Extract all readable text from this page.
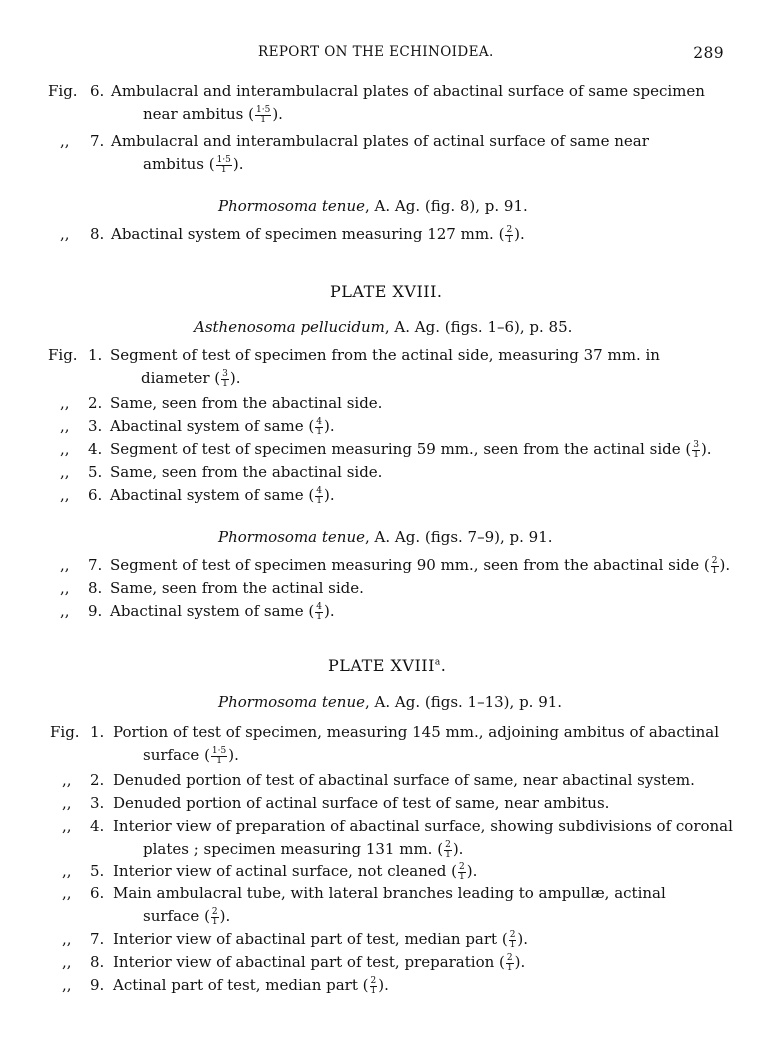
REPORT ON THE ECHINOIDEA.	289
Fig. 6. Ambulacral and interambulacral plates of abactinal surface of same specimen
near ambitus ( $\frac{1\cdot 5}{1}$ ).
,, 7. Ambulacral and interambulacral plates of actinal surface of same near
ambitus ( $\frac{1\cdot 5}{1}$ ).
Phormosoma tenue, A. Ag. (fig. 8), p. 91.
,, 8. Abactinal system of specimen measuring 127 mm. ( $\frac{2}{1}$ ).
PLATE XVIII.
Asthenosoma pellucidum, A. Ag. (figs. 1–6), p. 85.
Fig. 1. Segment of test of specimen from the actinal side, measuring 37 mm. in
diameter ( $\frac{3}{1}$ ).
,, 2. Same, seen from the abactinal side.
,, 3. Abactinal system of same ( $\frac{4}{1}$ ).
,, 4. Segment of test of specimen measuring 59 mm., seen from the actinal side ( $\frac{3}{1}$ ).
,, 5. Same, seen from the abactinal side.
,, 6. Abactinal system of same ( $\frac{4}{1}$ ).
Phormosoma tenue, A. Ag. (figs. 7–9), p. 91.
,, 7. Segment of test of specimen measuring 90 mm., seen from the abactinal side ( $\frac{2}{1}$ ).
,, 8. Same, seen from the actinal side.
,, 9. Abactinal system of same ( $\frac{4}{1}$ ).
PLATE XVIII$^a$.
Phormosoma tenue, A. Ag. (figs. 1–13), p. 91.
Fig. 1. Portion of test of specimen, measuring 145 mm., adjoining ambitus of abactinal
surface ( $\frac{1\cdot 5}{1}$ ).
,, 2. Denuded portion of test of abactinal surface of same, near abactinal system.
,, 3. Denuded portion of actinal surface of test of same, near ambitus.
,, 4. Interior view of preparation of abactinal surface, showing subdivisions of coronal
plates ; specimen measuring 131 mm. ( $\frac{2}{1}$ ).
,, 5. Interior view of actinal surface, not cleaned ( $\frac{2}{1}$ ).
,, 6. Main ambulacral tube, with lateral branches leading to ampullæ, actinal
surface ( $\frac{2}{1}$ ).
,, 7. Interior view of abactinal part of test, median part ( $\frac{2}{1}$ ).
,, 8. Interior view of abactinal part of test, preparation ( $\frac{2}{1}$ ).
,, 9. Actinal part of test, median part ( $\frac{2}{1}$ ).
